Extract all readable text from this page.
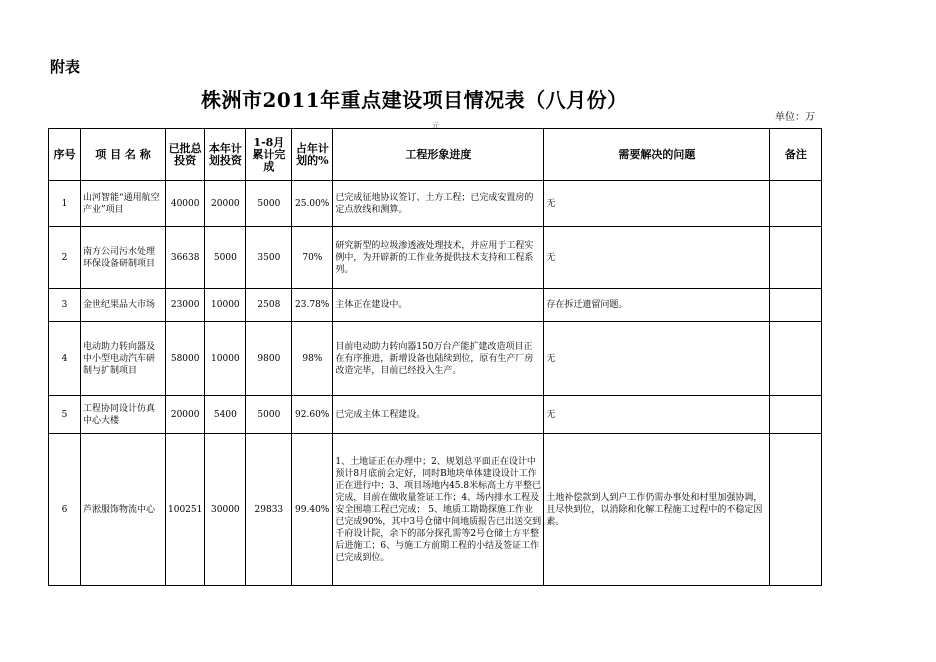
附表
株洲市2011年重点建设项目情况表（八月份）
单位：万
元
序号	项 目 名 称	已批总投资	本年计划投资	1-8月累计完成	占年计划的%	工程形象进度	需要解决的问题	备注
1	山河智能“通用航空产业”项目	40000	20000	5000	25.00%	已完成征地协议签订、土方工程；已完成安置房的定点放线和测算。	无	
2	南方公司污水处理环保设备研制项目	36638	5000	3500	70%	研究新型的垃圾渗透液处理技术，并应用于工程实例中，为开辟新的工作业务提供技术支持和工程系列。	无	
3	金世纪果品大市场	23000	10000	2508	23.78%	主体正在建设中。	存在拆迁遗留问题。	
4	电动助力转向器及中小型电动汽车研制与扩制项目	58000	10000	9800	98%	目前电动助力转向器150万台产能扩建改造项目正在有序推进，新增设备也陆续到位，原有生产厂房改造完毕，目前已经投入生产。	无	
5	工程协同设计仿真中心大楼	20000	5400	5000	92.60%	已完成主体工程建设。	无	
6	芦淞服饰物流中心	100251	30000	29833	99.40%	1、土地证正在办理中；2、规划总平面正在设计中预计8月底前会定好，同时B地块单体建设设计工作正在进行中；3、项目场地内45.8米标高土方平整已完成，目前在做收量签证工作；4、场内排水工程及安全围墙工程已完成； 5、地质工勘勘探施工作业已完成90%，其中3号仓储中间地质报告已出送交到千府设计院，余下的部分探孔需等2号仓储土方平整后进施工；6、与施工方前期工程的小结及签证工作已完成到位。	土地补偿款到人到户工作仍需办事处和村里加强协调，且尽快到位，以消除和化解工程施工过程中的不稳定因素。	
